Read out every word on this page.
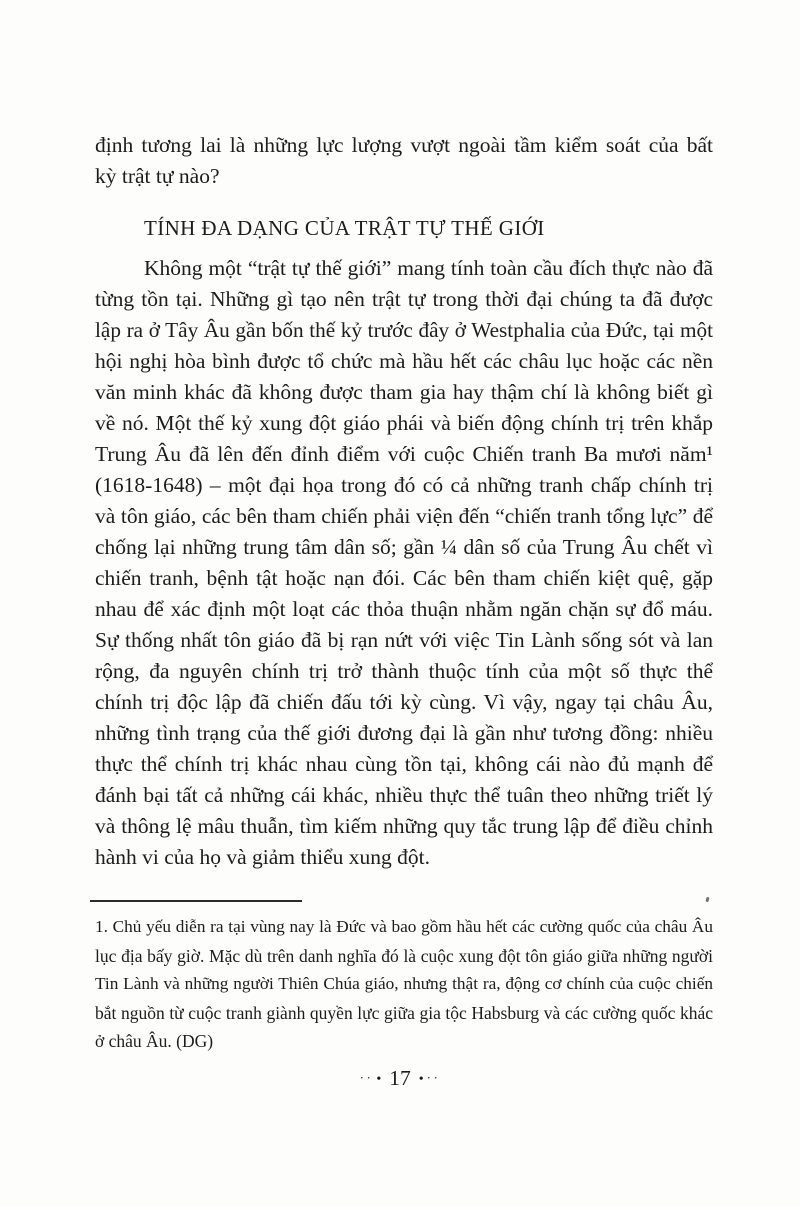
định tương lai là những lực lượng vượt ngoài tầm kiểm soát của bất
kỳ trật tự nào?
TÍNH ĐA DẠNG CỦA TRẬT TỰ THẾ GIỚI
Không một “trật tự thế giới” mang tính toàn cầu đích thực nào đã
từng tồn tại. Những gì tạo nên trật tự trong thời đại chúng ta đã được
lập ra ở Tây Âu gần bốn thế kỷ trước đây ở Westphalia của Đức, tại một
hội nghị hòa bình được tổ chức mà hầu hết các châu lục hoặc các nền
văn minh khác đã không được tham gia hay thậm chí là không biết gì
về nó. Một thế kỷ xung đột giáo phái và biến động chính trị trên khắp
Trung Âu đã lên đến đỉnh điểm với cuộc Chiến tranh Ba mươi năm¹
(1618-1648) – một đại họa trong đó có cả những tranh chấp chính trị
và tôn giáo, các bên tham chiến phải viện đến “chiến tranh tổng lực” để
chống lại những trung tâm dân số; gần ¼ dân số của Trung Âu chết vì
chiến tranh, bệnh tật hoặc nạn đói. Các bên tham chiến kiệt quệ, gặp
nhau để xác định một loạt các thỏa thuận nhằm ngăn chặn sự đổ máu.
Sự thống nhất tôn giáo đã bị rạn nứt với việc Tin Lành sống sót và lan
rộng, đa nguyên chính trị trở thành thuộc tính của một số thực thể
chính trị độc lập đã chiến đấu tới kỳ cùng. Vì vậy, ngay tại châu Âu,
những tình trạng của thế giới đương đại là gần như tương đồng: nhiều
thực thể chính trị khác nhau cùng tồn tại, không cái nào đủ mạnh để
đánh bại tất cả những cái khác, nhiều thực thể tuân theo những triết lý
và thông lệ mâu thuẫn, tìm kiếm những quy tắc trung lập để điều chỉnh
hành vi của họ và giảm thiểu xung đột.
1. Chủ yếu diễn ra tại vùng nay là Đức và bao gồm hầu hết các cường quốc của châu Âu
lục địa bấy giờ. Mặc dù trên danh nghĩa đó là cuộc xung đột tôn giáo giữa những người
Tin Lành và những người Thiên Chúa giáo, nhưng thật ra, động cơ chính của cuộc chiến
bắt nguồn từ cuộc tranh giành quyền lực giữa gia tộc Habsburg và các cường quốc khác
ở châu Âu. (DG)
·· • 17 • ··
